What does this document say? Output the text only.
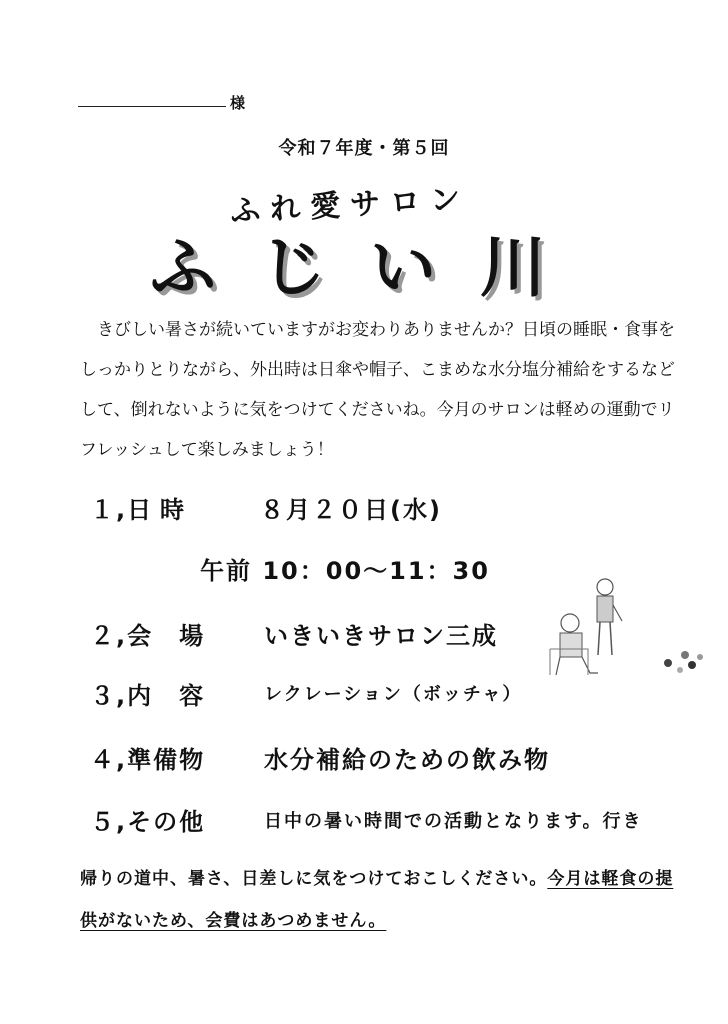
様
令和７年度・第５回
ふれ愛サロン
ふじい川

きびしい暑さが続いていますがお変わりありませんか？日頃の睡眠・食事をしっかりとりながら、外出時は日傘や帽子、こまめな水分塩分補給をするなどして、倒れないように気をつけてくださいね。今月のサロンは軽めの運動でリフレッシュして楽しみましょう！

１,日 時	８月２０日(水)
午前 10：00〜11：30
２,会　場 いきいきサロン三成
３,内　容	レクレーション（ボッチャ）
４,準備物 水分補給のための飲み物
５,その他	日中の暑い時間での活動となります。行き
帰りの道中、暑さ、日差しに気をつけておこしください。今月は軽食の提供がないため、会費はあつめません。
